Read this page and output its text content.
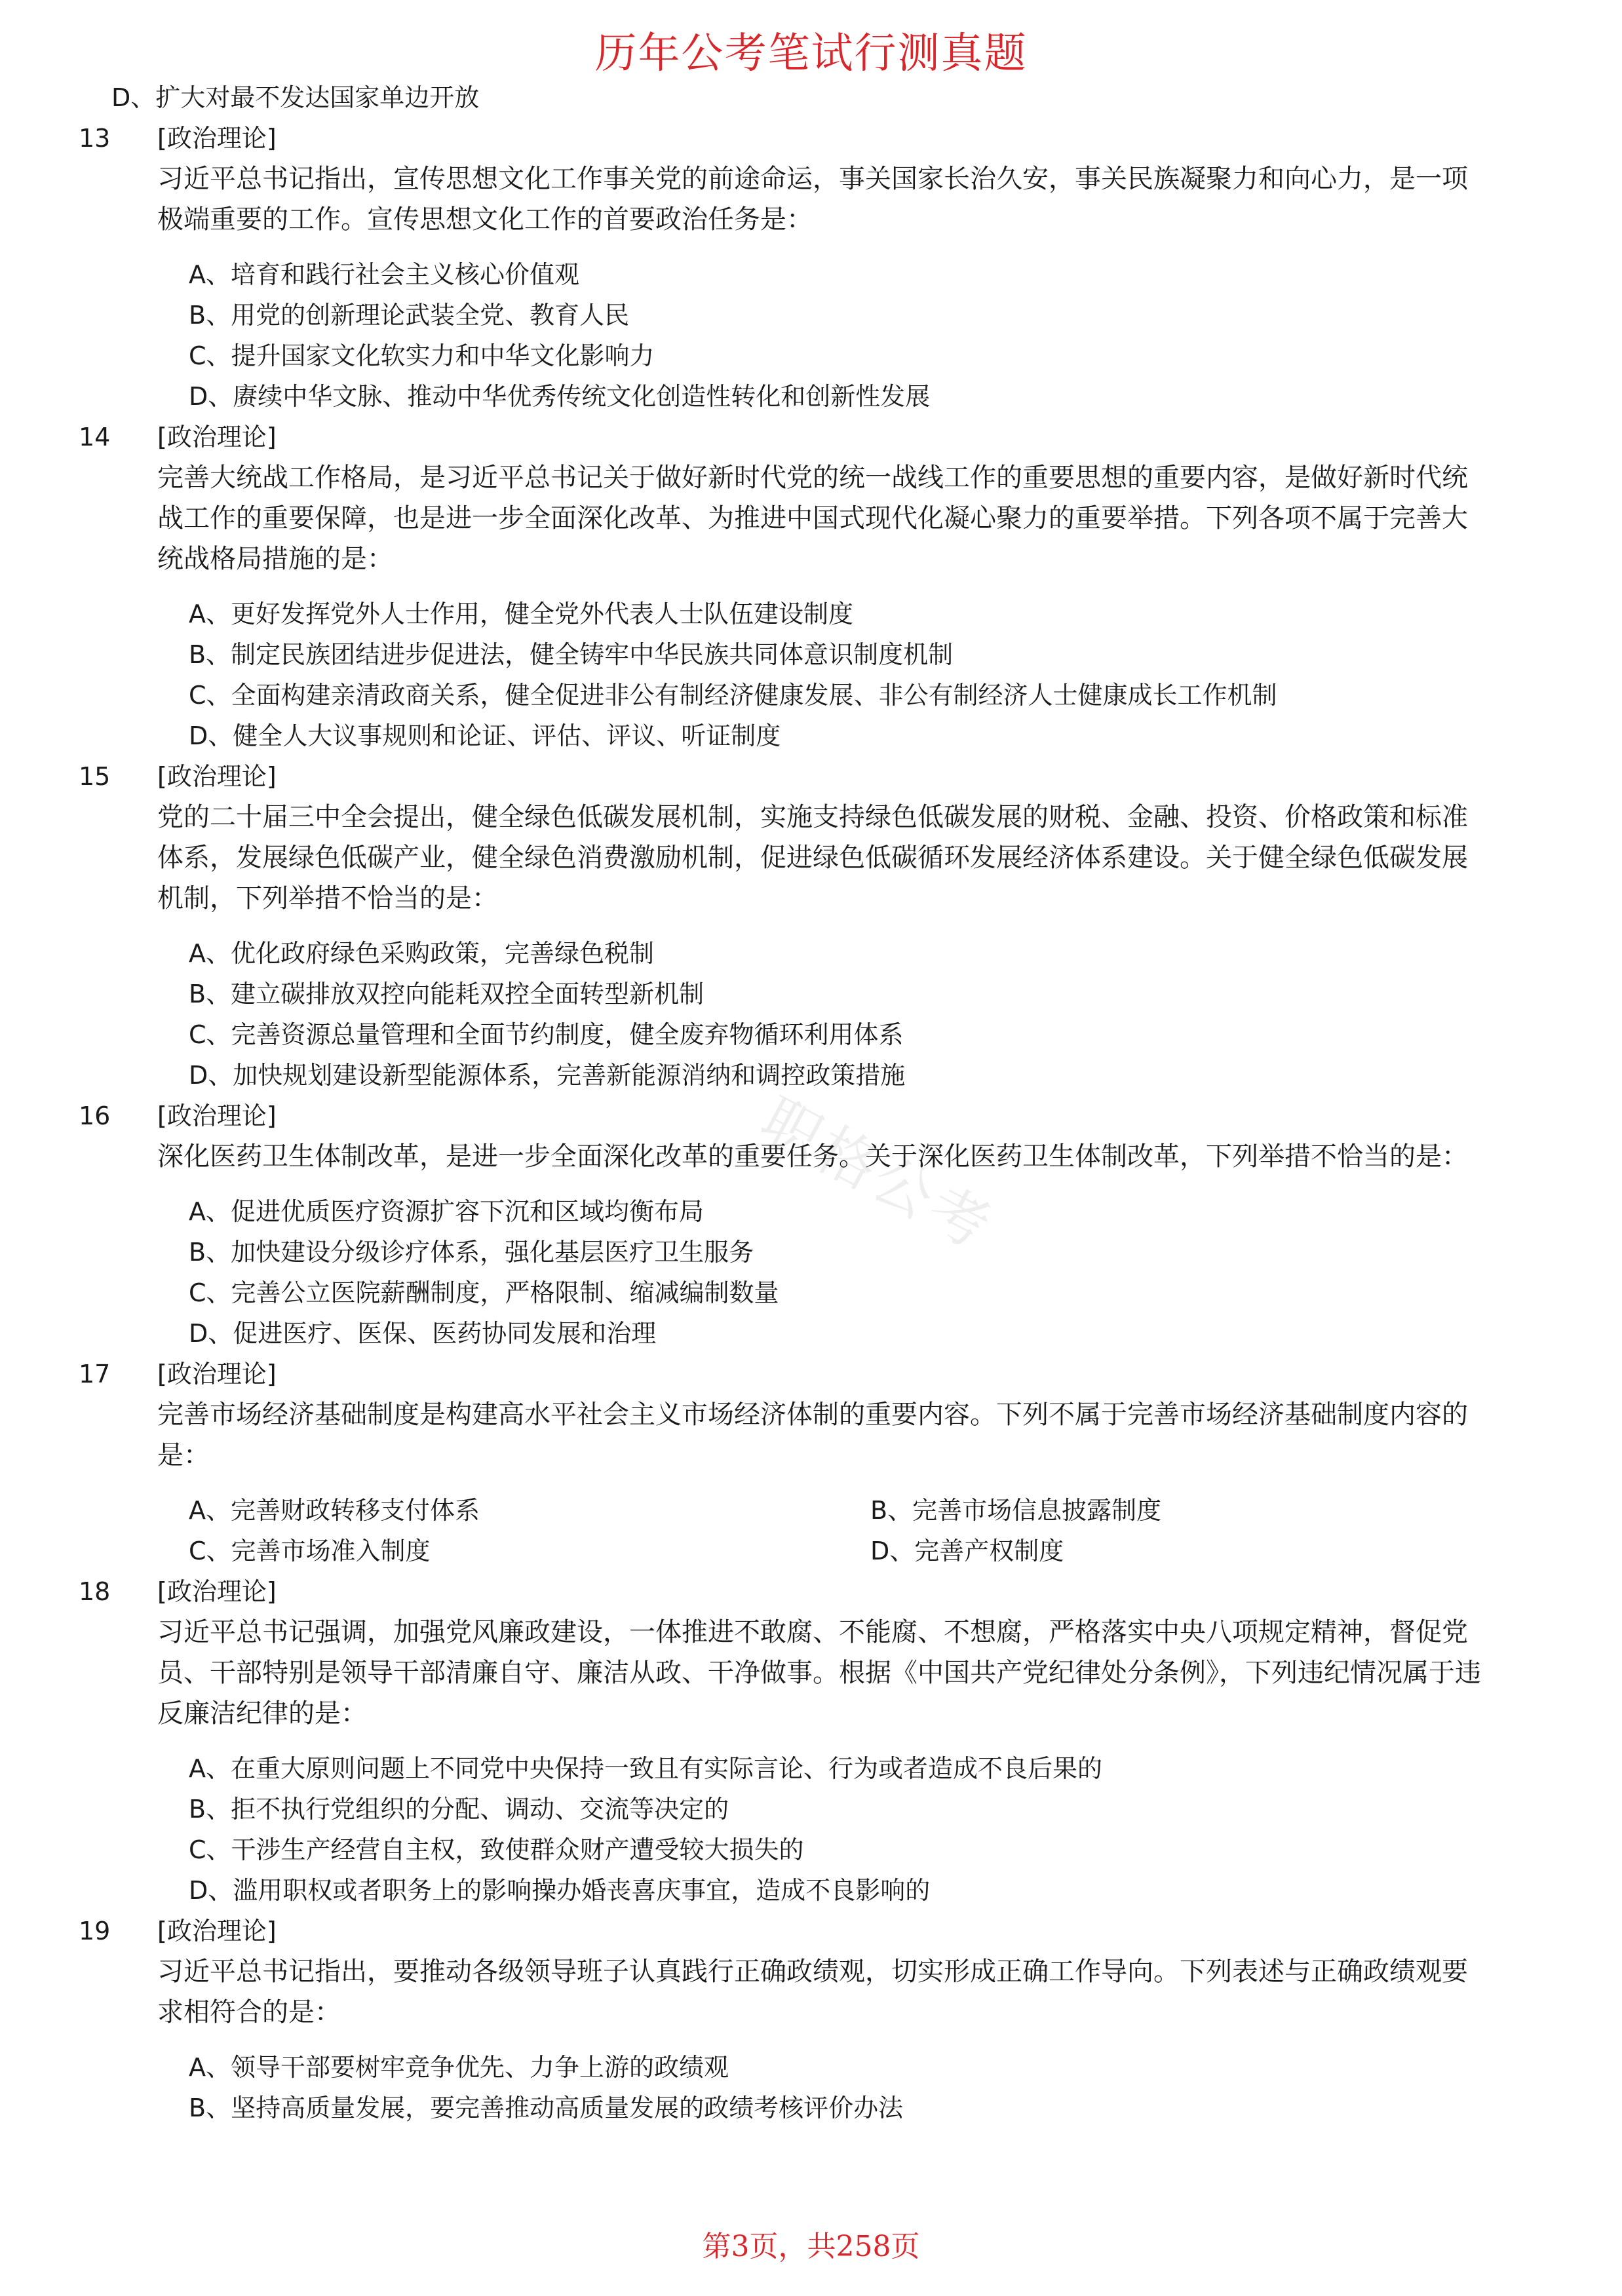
历年公考笔试行测真题
职格公考
D、扩大对最不发达国家单边开放
13 [政治理论]
习近平总书记指出，宣传思想文化工作事关党的前途命运，事关国家长治久安，事关民族凝聚力和向心力，是一项极端重要的工作。宣传思想文化工作的首要政治任务是：
A、培育和践行社会主义核心价值观
B、用党的创新理论武装全党、教育人民
C、提升国家文化软实力和中华文化影响力
D、赓续中华文脉、推动中华优秀传统文化创造性转化和创新性发展
14 [政治理论]
完善大统战工作格局，是习近平总书记关于做好新时代党的统一战线工作的重要思想的重要内容，是做好新时代统战工作的重要保障，也是进一步全面深化改革、为推进中国式现代化凝心聚力的重要举措。下列各项不属于完善大统战格局措施的是：
A、更好发挥党外人士作用，健全党外代表人士队伍建设制度
B、制定民族团结进步促进法，健全铸牢中华民族共同体意识制度机制
C、全面构建亲清政商关系，健全促进非公有制经济健康发展、非公有制经济人士健康成长工作机制
D、健全人大议事规则和论证、评估、评议、听证制度
15 [政治理论]
党的二十届三中全会提出，健全绿色低碳发展机制，实施支持绿色低碳发展的财税、金融、投资、价格政策和标准体系，发展绿色低碳产业，健全绿色消费激励机制，促进绿色低碳循环发展经济体系建设。关于健全绿色低碳发展机制，下列举措不恰当的是：
A、优化政府绿色采购政策，完善绿色税制
B、建立碳排放双控向能耗双控全面转型新机制
C、完善资源总量管理和全面节约制度，健全废弃物循环利用体系
D、加快规划建设新型能源体系，完善新能源消纳和调控政策措施
16 [政治理论]
深化医药卫生体制改革，是进一步全面深化改革的重要任务。关于深化医药卫生体制改革，下列举措不恰当的是：
A、促进优质医疗资源扩容下沉和区域均衡布局
B、加快建设分级诊疗体系，强化基层医疗卫生服务
C、完善公立医院薪酬制度，严格限制、缩减编制数量
D、促进医疗、医保、医药协同发展和治理
17 [政治理论]
完善市场经济基础制度是构建高水平社会主义市场经济体制的重要内容。下列不属于完善市场经济基础制度内容的是：
A、完善财政转移支付体系	B、完善市场信息披露制度
C、完善市场准入制度	D、完善产权制度
18 [政治理论]
习近平总书记强调，加强党风廉政建设，一体推进不敢腐、不能腐、不想腐，严格落实中央八项规定精神，督促党员、干部特别是领导干部清廉自守、廉洁从政、干净做事。根据《中国共产党纪律处分条例》，下列违纪情况属于违反廉洁纪律的是：
A、在重大原则问题上不同党中央保持一致且有实际言论、行为或者造成不良后果的
B、拒不执行党组织的分配、调动、交流等决定的
C、干涉生产经营自主权，致使群众财产遭受较大损失的
D、滥用职权或者职务上的影响操办婚丧喜庆事宜，造成不良影响的
19 [政治理论]
习近平总书记指出，要推动各级领导班子认真践行正确政绩观，切实形成正确工作导向。下列表述与正确政绩观要求相符合的是：
A、领导干部要树牢竞争优先、力争上游的政绩观
B、坚持高质量发展，要完善推动高质量发展的政绩考核评价办法
第3页，共258页
